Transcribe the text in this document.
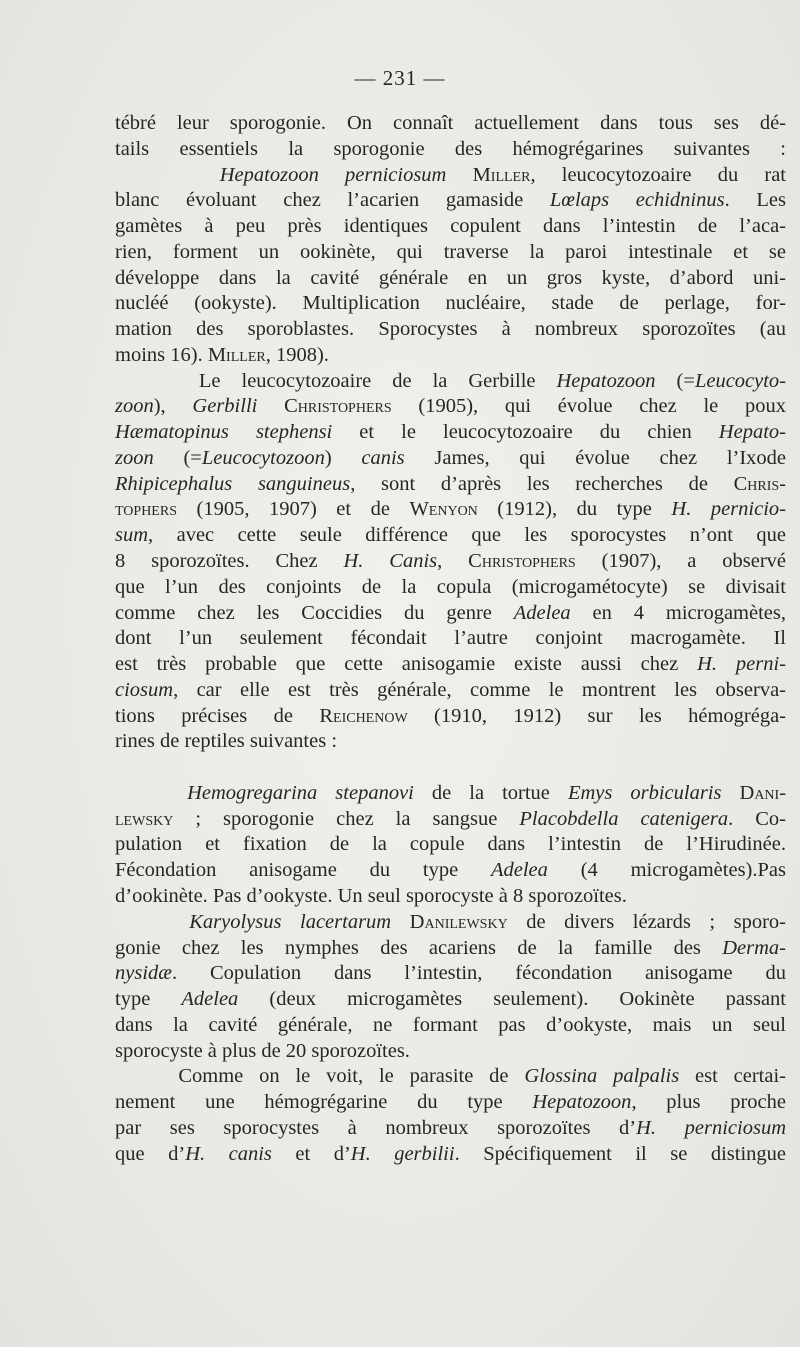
— 231 —
tébré leur sporogonie. On connaît actuellement dans tous ses dé-
tails essentiels la sporogonie des hémogrégarines suivantes :
Hepatozoon perniciosum Miller, leucocytozoaire du rat
blanc évoluant chez l’acarien gamaside Lœlaps echidninus. Les
gamètes à peu près identiques copulent dans l’intestin de l’aca-
rien, forment un ookinète, qui traverse la paroi intestinale et se
développe dans la cavité générale en un gros kyste, d’abord uni-
nucléé (ookyste). Multiplication nucléaire, stade de perlage, for-
mation des sporoblastes. Sporocystes à nombreux sporozoïtes (au
moins 16). Miller, 1908).
Le leucocytozoaire de la Gerbille Hepatozoon (=Leucocyto-
zoon), Gerbilli Christophers (1905), qui évolue chez le poux
Hæmatopinus stephensi et le leucocytozoaire du chien Hepato-
zoon (=Leucocytozoon) canis James, qui évolue chez l’Ixode
Rhipicephalus sanguineus, sont d’après les recherches de Chris-
tophers (1905, 1907) et de Wenyon (1912), du type H. pernicio-
sum, avec cette seule différence que les sporocystes n’ont que
8 sporozoïtes. Chez H. Canis, Christophers (1907), a observé
que l’un des conjoints de la copula (microgamétocyte) se divisait
comme chez les Coccidies du genre Adelea en 4 microgamètes,
dont l’un seulement fécondait l’autre conjoint macrogamète. Il
est très probable que cette anisogamie existe aussi chez H. perni-
ciosum, car elle est très générale, comme le montrent les observa-
tions précises de Reichenow (1910, 1912) sur les hémogréga-
rines de reptiles suivantes :
Hemogregarina stepanovi de la tortue Emys orbicularis Dani-
lewsky ; sporogonie chez la sangsue Placobdella catenigera. Co-
pulation et fixation de la copule dans l’intestin de l’Hirudinée.
Fécondation anisogame du type Adelea (4 microgamètes).Pas
d’ookinète. Pas d’ookyste. Un seul sporocyste à 8 sporozoïtes.
Karyolysus lacertarum Danilewsky de divers lézards ; sporo-
gonie chez les nymphes des acariens de la famille des Derma-
nysidæ. Copulation dans l’intestin, fécondation anisogame du
type Adelea (deux microgamètes seulement). Ookinète passant
dans la cavité générale, ne formant pas d’ookyste, mais un seul
sporocyste à plus de 20 sporozoïtes.
Comme on le voit, le parasite de Glossina palpalis est certai-
nement une hémogrégarine du type Hepatozoon, plus proche
par ses sporocystes à nombreux sporozoïtes d’H. perniciosum
que d’H. canis et d’H. gerbilii. Spécifiquement il se distingue
